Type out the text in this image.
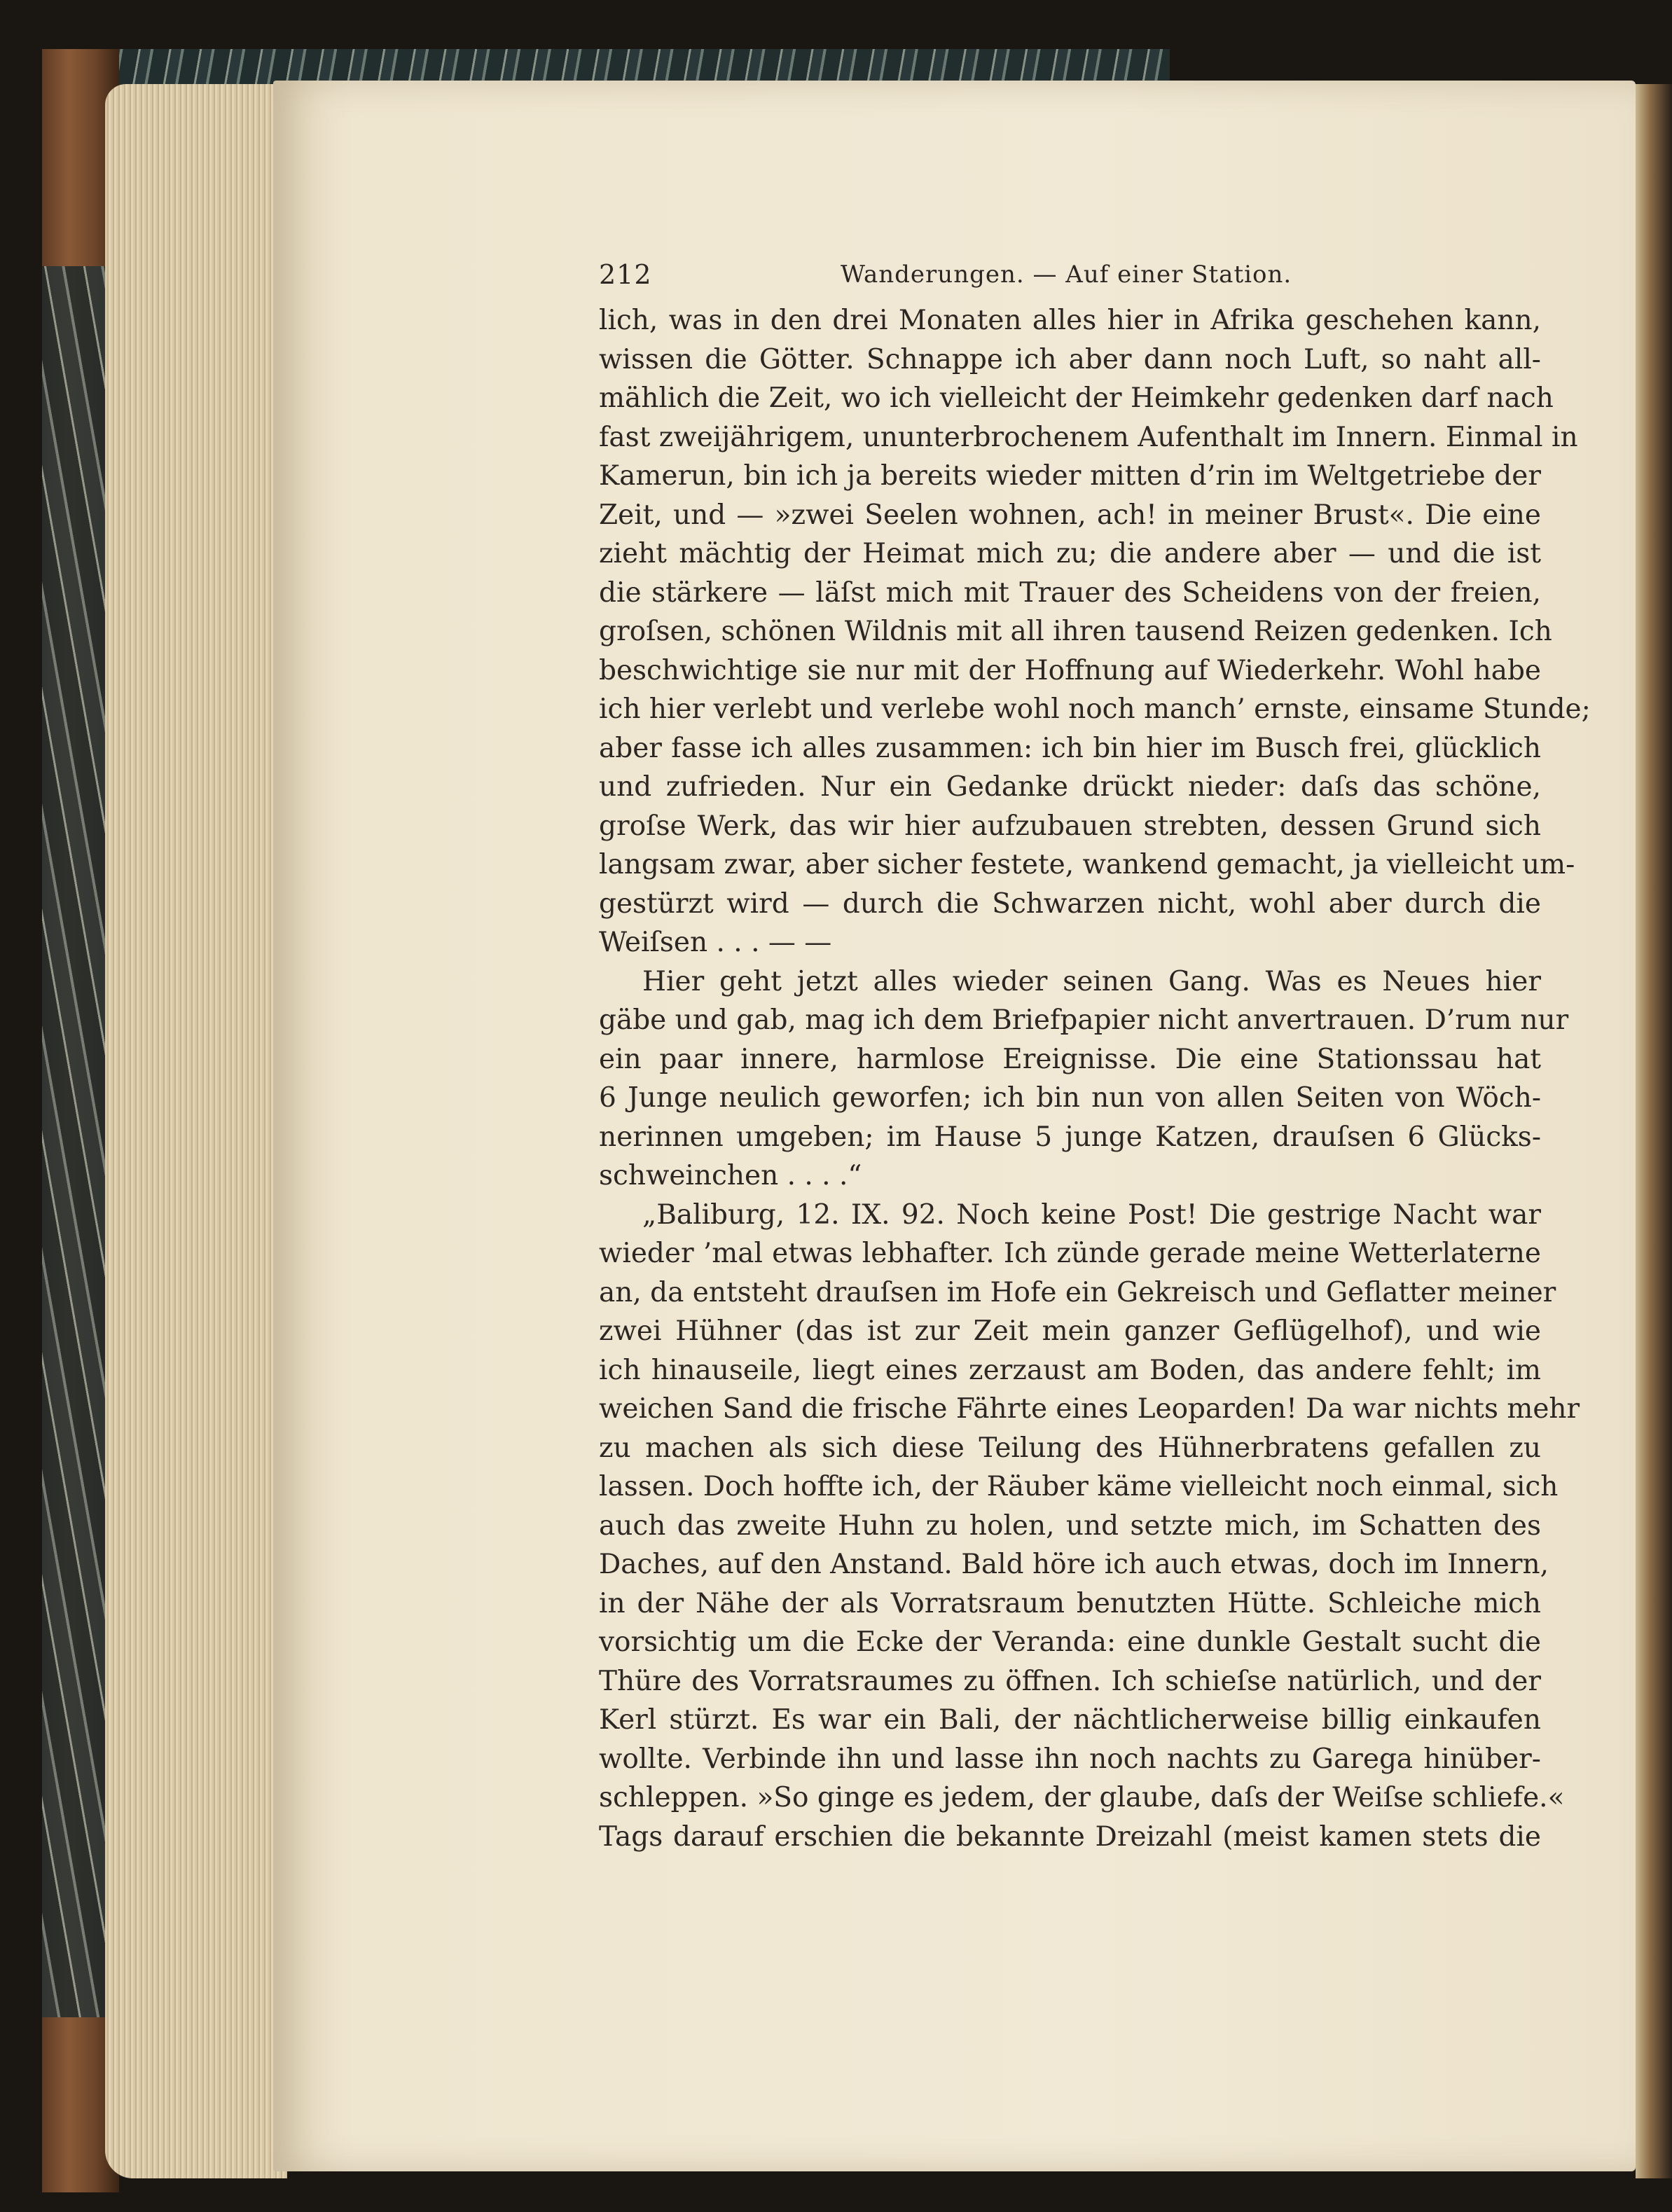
212	Wanderungen. — Auf einer Station.
lich, was in den drei Monaten alles hier in Afrika geschehen kann,
wissen die Götter. Schnappe ich aber dann noch Luft, so naht all-
mählich die Zeit, wo ich vielleicht der Heimkehr gedenken darf nach
fast zweijährigem, ununterbrochenem Aufenthalt im Innern. Einmal in
Kamerun, bin ich ja bereits wieder mitten d’rin im Weltgetriebe der
Zeit, und — »zwei Seelen wohnen, ach! in meiner Brust«. Die eine
zieht mächtig der Heimat mich zu; die andere aber — und die ist
die stärkere — läſst mich mit Trauer des Scheidens von der freien,
groſsen, schönen Wildnis mit all ihren tausend Reizen gedenken. Ich
beschwichtige sie nur mit der Hoffnung auf Wiederkehr. Wohl habe
ich hier verlebt und verlebe wohl noch manch’ ernste, einsame Stunde;
aber fasse ich alles zusammen: ich bin hier im Busch frei, glücklich
und zufrieden. Nur ein Gedanke drückt nieder: daſs das schöne,
groſse Werk, das wir hier aufzubauen strebten, dessen Grund sich
langsam zwar, aber sicher festete, wankend gemacht, ja vielleicht um-
gestürzt wird — durch die Schwarzen nicht, wohl aber durch die
Weiſsen . . . — —
Hier geht jetzt alles wieder seinen Gang. Was es Neues hier
gäbe und gab, mag ich dem Briefpapier nicht anvertrauen. D’rum nur
ein paar innere, harmlose Ereignisse. Die eine Stationssau hat
6 Junge neulich geworfen; ich bin nun von allen Seiten von Wöch-
nerinnen umgeben; im Hause 5 junge Katzen, drauſsen 6 Glücks-
schweinchen . . . .“
„Baliburg, 12. IX. 92. Noch keine Post! Die gestrige Nacht war
wieder ’mal etwas lebhafter. Ich zünde gerade meine Wetterlaterne
an, da entsteht drauſsen im Hofe ein Gekreisch und Geflatter meiner
zwei Hühner (das ist zur Zeit mein ganzer Geflügelhof), und wie
ich hinauseile, liegt eines zerzaust am Boden, das andere fehlt; im
weichen Sand die frische Fährte eines Leoparden! Da war nichts mehr
zu machen als sich diese Teilung des Hühnerbratens gefallen zu
lassen. Doch hoffte ich, der Räuber käme vielleicht noch einmal, sich
auch das zweite Huhn zu holen, und setzte mich, im Schatten des
Daches, auf den Anstand. Bald höre ich auch etwas, doch im Innern,
in der Nähe der als Vorratsraum benutzten Hütte. Schleiche mich
vorsichtig um die Ecke der Veranda: eine dunkle Gestalt sucht die
Thüre des Vorratsraumes zu öffnen. Ich schieſse natürlich, und der
Kerl stürzt. Es war ein Bali, der nächtlicherweise billig einkaufen
wollte. Verbinde ihn und lasse ihn noch nachts zu Garega hinüber-
schleppen. »So ginge es jedem, der glaube, daſs der Weiſse schliefe.«
Tags darauf erschien die bekannte Dreizahl (meist kamen stets die
